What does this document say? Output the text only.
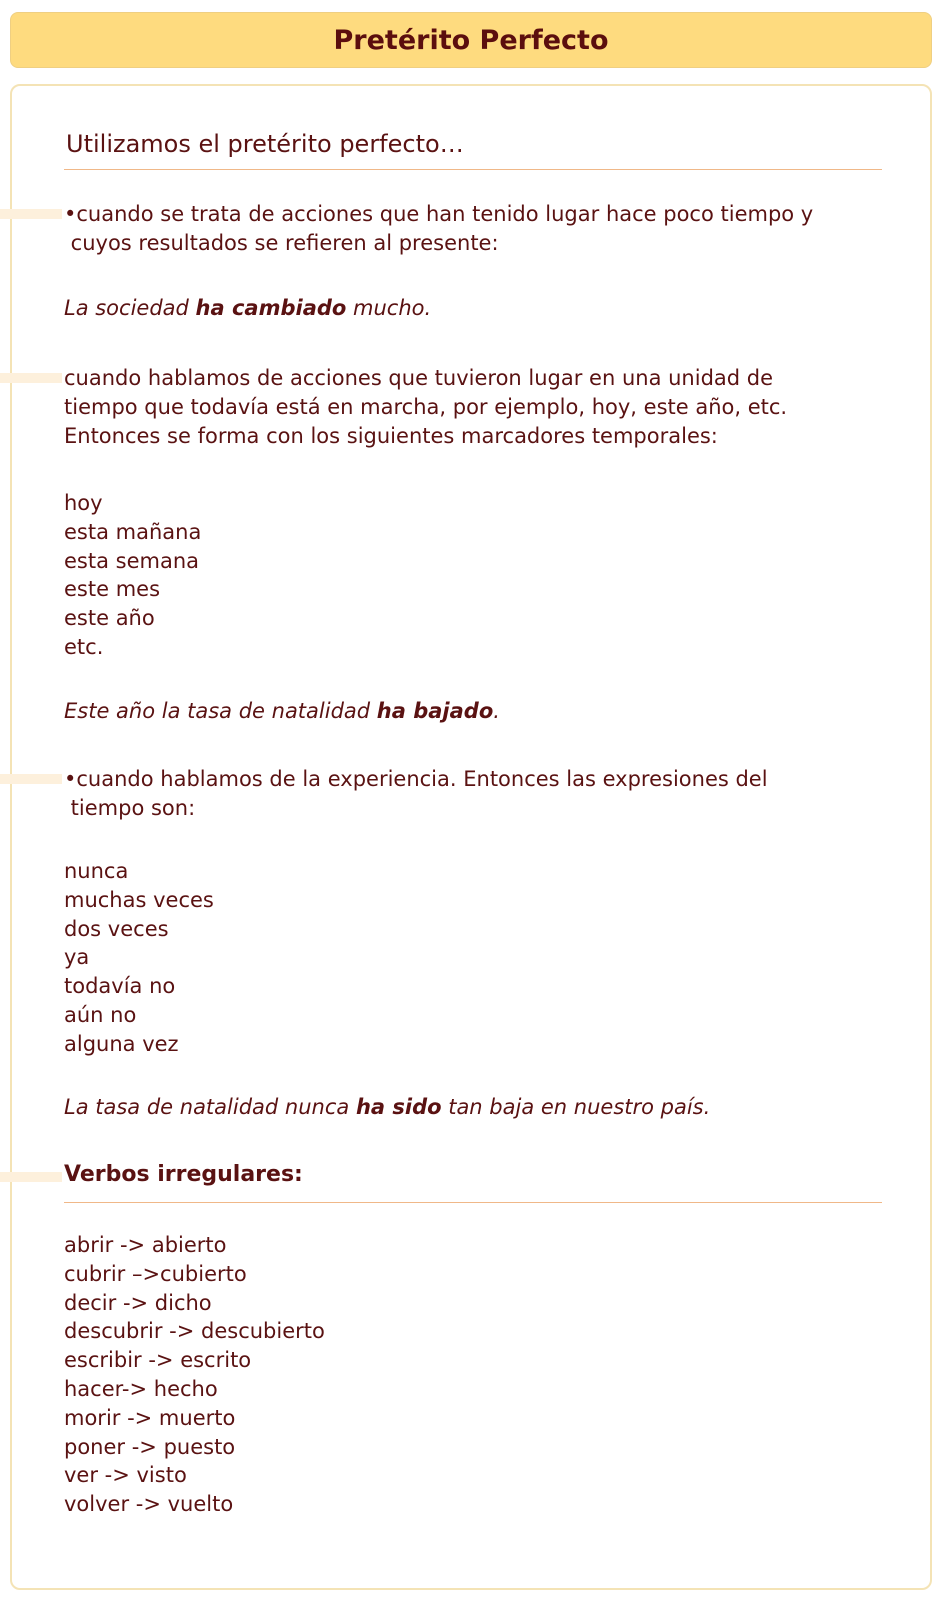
Pretérito Perfecto

Utilizamos el pretérito perfecto…

•cuando se trata de acciones que han tenido lugar hace poco tiempo y
cuyos resultados se refieren al presente:

La sociedad ha cambiado mucho.

cuando hablamos de acciones que tuvieron lugar en una unidad de
tiempo que todavía está en marcha, por ejemplo, hoy, este año, etc.
Entonces se forma con los siguientes marcadores temporales:
hoy
esta mañana
esta semana
este mes
este año
etc.

Este año la tasa de natalidad ha bajado.

•cuando hablamos de la experiencia. Entonces las expresiones del
tiempo son:
nunca
muchas veces
dos veces
ya
todavía no
aún no
alguna vez

La tasa de natalidad nunca ha sido tan baja en nuestro país.

Verbos irregulares:

abrir -> abierto
cubrir –>cubierto
decir -> dicho
descubrir -> descubierto
escribir -> escrito
hacer-> hecho
morir -> muerto
poner -> puesto
ver -> visto
volver -> vuelto
